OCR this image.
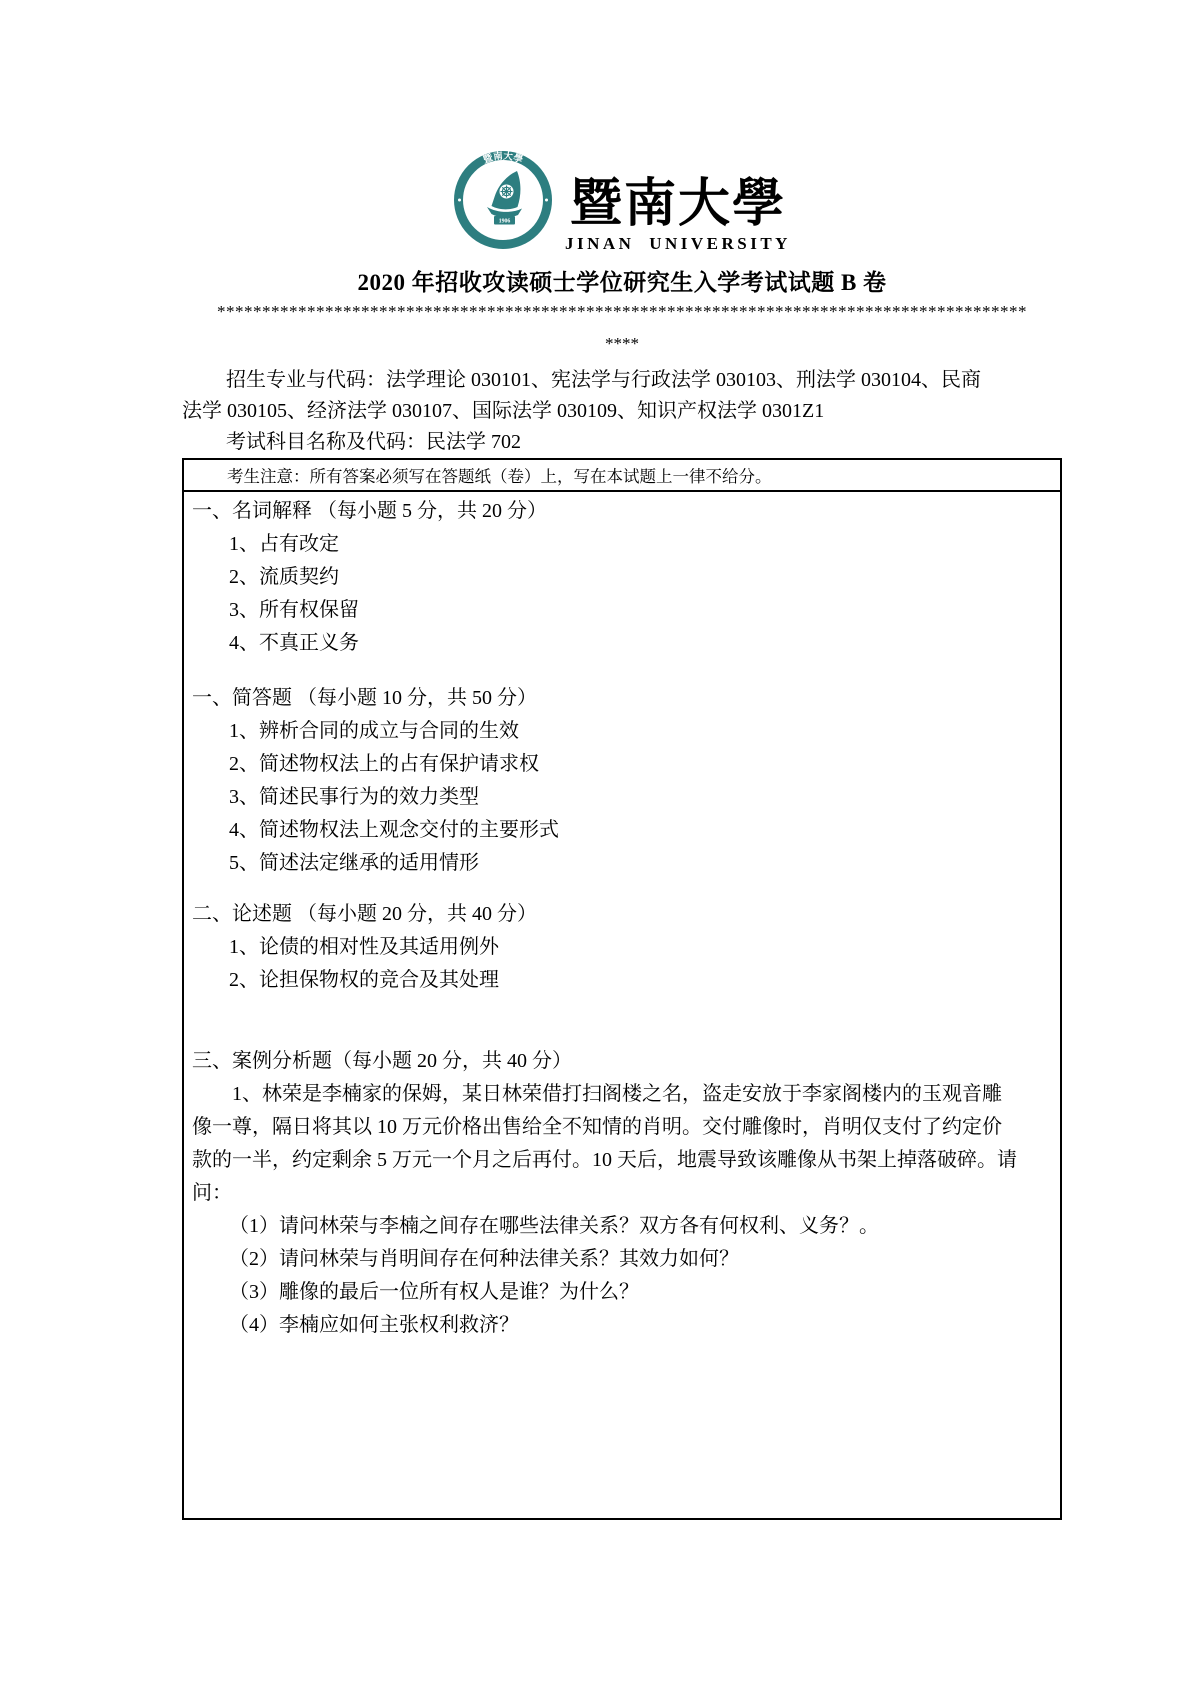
暨南大學
JINAN UNIVERSITY
1906 暨南大學
JINAN UNIVERSITY
2020 年招收攻读硕士学位研究生入学考试试题 B 卷
******************************************************************************************
****
招生专业与代码：法学理论 030101、宪法学与行政法学 030103、刑法学 030104、民商
法学 030105、经济法学 030107、国际法学 030109、知识产权法学 0301Z1
考试科目名称及代码：民法学 702
考生注意：所有答案必须写在答题纸（卷）上，写在本试题上一律不给分。
一、名词解释 （每小题 5 分，共 20 分）
1、占有改定
2、流质契约
3、所有权保留
4、不真正义务
一、简答题 （每小题 10 分，共 50 分）
1、辨析合同的成立与合同的生效
2、简述物权法上的占有保护请求权
3、简述民事行为的效力类型
4、简述物权法上观念交付的主要形式
5、简述法定继承的适用情形
二、论述题 （每小题 20 分，共 40 分）
1、论债的相对性及其适用例外
2、论担保物权的竞合及其处理
三、案例分析题（每小题 20 分，共 40 分）
1、林荣是李楠家的保姆，某日林荣借打扫阁楼之名，盗走安放于李家阁楼内的玉观音雕
像一尊，隔日将其以 10 万元价格出售给全不知情的肖明。交付雕像时，肖明仅支付了约定价
款的一半，约定剩余 5 万元一个月之后再付。10 天后，地震导致该雕像从书架上掉落破碎。请
问：
（1）请问林荣与李楠之间存在哪些法律关系？双方各有何权利、义务？。
（2）请问林荣与肖明间存在何种法律关系？其效力如何？
（3）雕像的最后一位所有权人是谁？为什么？
（4）李楠应如何主张权利救济？
